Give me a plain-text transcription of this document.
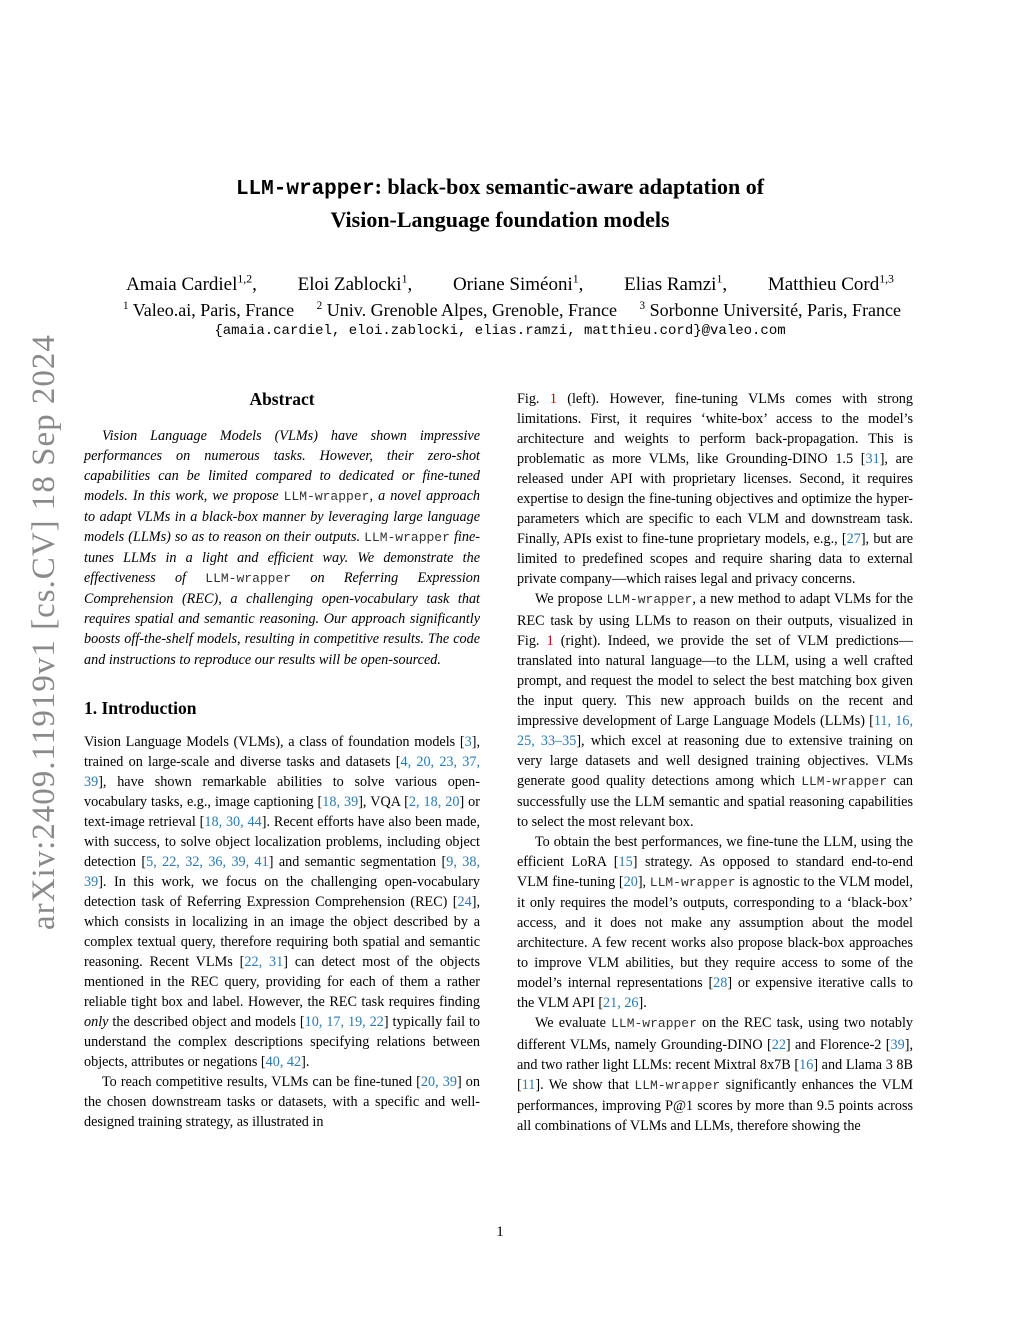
arXiv:2409.11919v1 [cs.CV] 18 Sep 2024
LLM-wrapper: black-box semantic-aware adaptation of
Vision-Language foundation models
Amaia Cardiel$^{1,2}$, Eloi Zablocki$^1$, Oriane Siméoni$^1$, Elias Ramzi$^1$, Matthieu Cord$^{1,3}$
$^1$ Valeo.ai, Paris, France $^2$ Univ. Grenoble Alpes, Grenoble, France $^3$ Sorbonne Université, Paris, France
{amaia.cardiel, eloi.zablocki, elias.ramzi, matthieu.cord}@valeo.com
Abstract

Vision Language Models (VLMs) have shown impressive performances on numerous tasks. However, their zero-shot capabilities can be limited compared to dedicated or fine-tuned models. In this work, we propose LLM-wrapper, a novel approach to adapt VLMs in a black-box manner by leveraging large language models (LLMs) so as to reason on their outputs. LLM-wrapper fine-tunes LLMs in a light and efficient way. We demonstrate the effectiveness of LLM-wrapper on Referring Expression Comprehension (REC), a challenging open-vocabulary task that requires spatial and semantic reasoning. Our approach significantly boosts off-the-shelf models, resulting in competitive results. The code and instructions to reproduce our results will be open-sourced.

1. Introduction

Vision Language Models (VLMs), a class of foundation models [3], trained on large-scale and diverse tasks and datasets [4, 20, 23, 37, 39], have shown remarkable abilities to solve various open-vocabulary tasks, e.g., image captioning [18, 39], VQA [2, 18, 20] or text-image retrieval [18, 30, 44]. Recent efforts have also been made, with success, to solve object localization problems, including object detection [5, 22, 32, 36, 39, 41] and semantic segmentation [9, 38, 39]. In this work, we focus on the challenging open-vocabulary detection task of Referring Expression Comprehension (REC) [24], which consists in localizing in an image the object described by a complex textual query, therefore requiring both spatial and semantic reasoning. Recent VLMs [22, 31] can detect most of the objects mentioned in the REC query, providing for each of them a rather reliable tight box and label. However, the REC task requires finding only the described object and models [10, 17, 19, 22] typically fail to understand the complex descriptions specifying relations between objects, attributes or negations [40, 42].

To reach competitive results, VLMs can be fine-tuned [20, 39] on the chosen downstream tasks or datasets, with a specific and well-designed training strategy, as illustrated in

Fig. 1 (left). However, fine-tuning VLMs comes with strong limitations. First, it requires ‘white-box’ access to the model’s architecture and weights to perform back-propagation. This is problematic as more VLMs, like Grounding-DINO 1.5 [31], are released under API with proprietary licenses. Second, it requires expertise to design the fine-tuning objectives and optimize the hyper-parameters which are specific to each VLM and downstream task. Finally, APIs exist to fine-tune proprietary models, e.g., [27], but are limited to predefined scopes and require sharing data to external private company—which raises legal and privacy concerns.

We propose LLM-wrapper, a new method to adapt VLMs for the REC task by using LLMs to reason on their outputs, visualized in Fig. 1 (right). Indeed, we provide the set of VLM predictions—translated into natural language—to the LLM, using a well crafted prompt, and request the model to select the best matching box given the input query. This new approach builds on the recent and impressive development of Large Language Models (LLMs) [11, 16, 25, 33–35], which excel at reasoning due to extensive training on very large datasets and well designed training objectives. VLMs generate good quality detections among which LLM-wrapper can successfully use the LLM semantic and spatial reasoning capabilities to select the most relevant box.

To obtain the best performances, we fine-tune the LLM, using the efficient LoRA [15] strategy. As opposed to standard end-to-end VLM fine-tuning [20], LLM-wrapper is agnostic to the VLM model, it only requires the model’s outputs, corresponding to a ‘black-box’ access, and it does not make any assumption about the model architecture. A few recent works also propose black-box approaches to improve VLM abilities, but they require access to some of the model’s internal representations [28] or expensive iterative calls to the VLM API [21, 26].

We evaluate LLM-wrapper on the REC task, using two notably different VLMs, namely Grounding-DINO [22] and Florence-2 [39], and two rather light LLMs: recent Mixtral 8x7B [16] and Llama 3 8B [11]. We show that LLM-wrapper significantly enhances the VLM performances, improving P@1 scores by more than 9.5 points across all combinations of VLMs and LLMs, therefore showing the

1
